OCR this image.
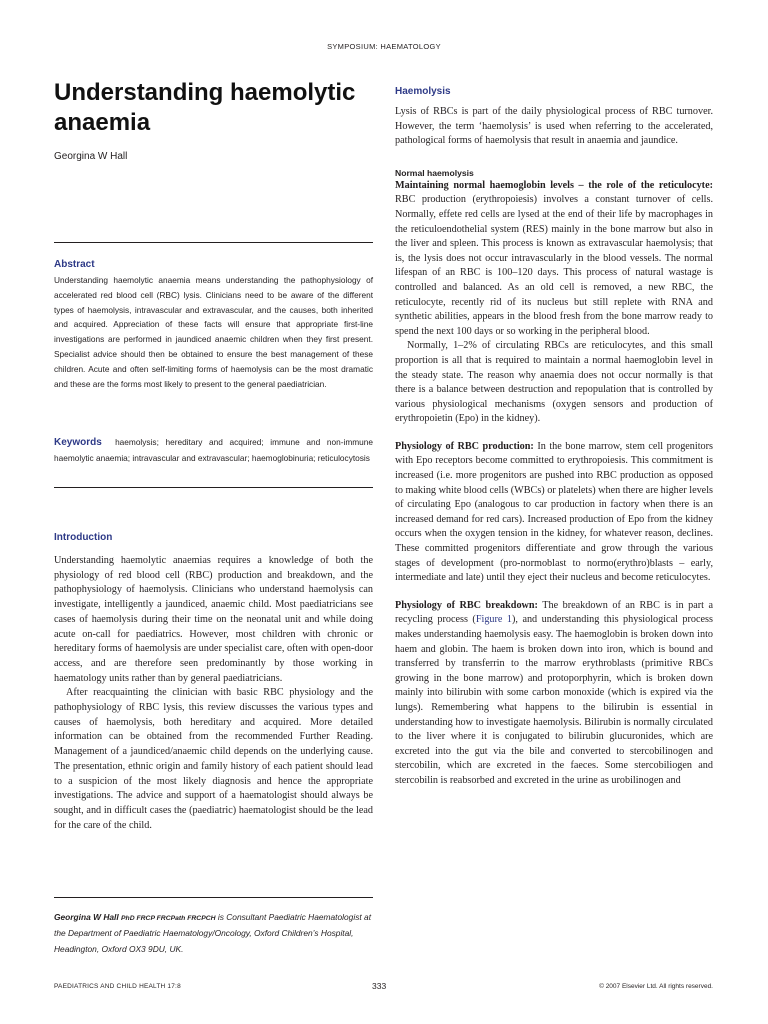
SYMPOSIUM: HAEMATOLOGY
Understanding haemolytic anaemia
Georgina W Hall
Abstract
Understanding haemolytic anaemia means understanding the pathophysiology of accelerated red blood cell (RBC) lysis. Clinicians need to be aware of the different types of haemolysis, intravascular and extravascular, and the causes, both inherited and acquired. Appreciation of these facts will ensure that appropriate first-line investigations are performed in jaundiced anaemic children when they first present. Specialist advice should then be obtained to ensure the best management of these children. Acute and often self-limiting forms of haemolysis can be the most dramatic and these are the forms most likely to present to the general paediatrician.
Keywords haemolysis; hereditary and acquired; immune and non-immune haemolytic anaemia; intravascular and extravascular; haemoglobinuria; reticulocytosis
Introduction

Understanding haemolytic anaemias requires a knowledge of both the physiology of red blood cell (RBC) production and breakdown, and the pathophysiology of haemolysis. Clinicians who understand haemolysis can investigate, intelligently a jaundiced, anaemic child. Most paediatricians see cases of haemolysis during their time on the neonatal unit and while doing acute on-call for paediatrics. However, most children with chronic or hereditary forms of haemolysis are under specialist care, often with open-door access, and are therefore seen predominantly by those working in haematology units rather than by general paediatricians.

After reacquainting the clinician with basic RBC physiology and the pathophysiology of RBC lysis, this review discusses the various types and causes of haemolysis, both hereditary and acquired. More detailed information can be obtained from the recommended Further Reading. Management of a jaundiced/anaemic child depends on the underlying cause. The presentation, ethnic origin and family history of each patient should lead to a suspicion of the most likely diagnosis and hence the appropriate investigations. The advice and support of a haematologist should always be sought, and in difficult cases the (paediatric) haematologist should be the lead for the care of the child.

Georgina W Hall PhD FRCP FRCPath FRCPCH is Consultant Paediatric Haematologist at the Department of Paediatric Haematology/Oncology, Oxford Children’s Hospital, Headington, Oxford OX3 9DU, UK.
Haemolysis

Lysis of RBCs is part of the daily physiological process of RBC turnover. However, the term ‘haemolysis’ is used when referring to the accelerated, pathological forms of haemolysis that result in anaemia and jaundice.

Normal haemolysis

Maintaining normal haemoglobin levels – the role of the reticulocyte: RBC production (erythropoiesis) involves a constant turnover of cells. Normally, effete red cells are lysed at the end of their life by macrophages in the reticuloendothelial system (RES) mainly in the bone marrow but also in the liver and spleen. This process is known as extravascular haemolysis; that is, the lysis does not occur intravascularly in the blood vessels. The normal lifespan of an RBC is 100–120 days. This process of natural wastage is controlled and balanced. As an old cell is removed, a new RBC, the reticulocyte, recently rid of its nucleus but still replete with RNA and synthetic abilities, appears in the blood fresh from the bone marrow ready to spend the next 100 days or so working in the peripheral blood.

Normally, 1–2% of circulating RBCs are reticulocytes, and this small proportion is all that is required to maintain a normal haemoglobin level in the steady state. The reason why anaemia does not occur normally is that there is a balance between destruction and repopulation that is controlled by various physiological mechanisms (oxygen sensors and production of erythropoietin (Epo) in the kidney).

Physiology of RBC production: In the bone marrow, stem cell progenitors with Epo receptors become committed to erythropoiesis. This commitment is increased (i.e. more progenitors are pushed into RBC production as opposed to making white blood cells (WBCs) or platelets) when there are higher levels of circulating Epo (analogous to car production in factory when there is an increased demand for red cars). Increased production of Epo from the kidney occurs when the oxygen tension in the kidney, for whatever reason, declines. These committed progenitors differentiate and grow through the various stages of development (pro-normoblast to normo(erythro)blasts – early, intermediate and late) until they eject their nucleus and become reticulocytes.

Physiology of RBC breakdown: The breakdown of an RBC is in part a recycling process (Figure 1), and understanding this physiological process makes understanding haemolysis easy. The haemoglobin is broken down into haem and globin. The haem is broken down into iron, which is bound and transferred by transferrin to the marrow erythroblasts (primitive RBCs growing in the bone marrow) and protoporphyrin, which is broken down mainly into bilirubin with some carbon monoxide (which is expired via the lungs). Remembering what happens to the bilirubin is essential in understanding how to investigate haemolysis. Bilirubin is normally circulated to the liver where it is conjugated to bilirubin glucuronides, which are excreted into the gut via the bile and converted to stercobilinogen and stercobilin, which are excreted in the faeces. Some stercobiliogen and stercobilin is reabsorbed and excreted in the urine as urobilinogen and

PAEDIATRICS AND CHILD HEALTH 17:8	333	© 2007 Elsevier Ltd. All rights reserved.
